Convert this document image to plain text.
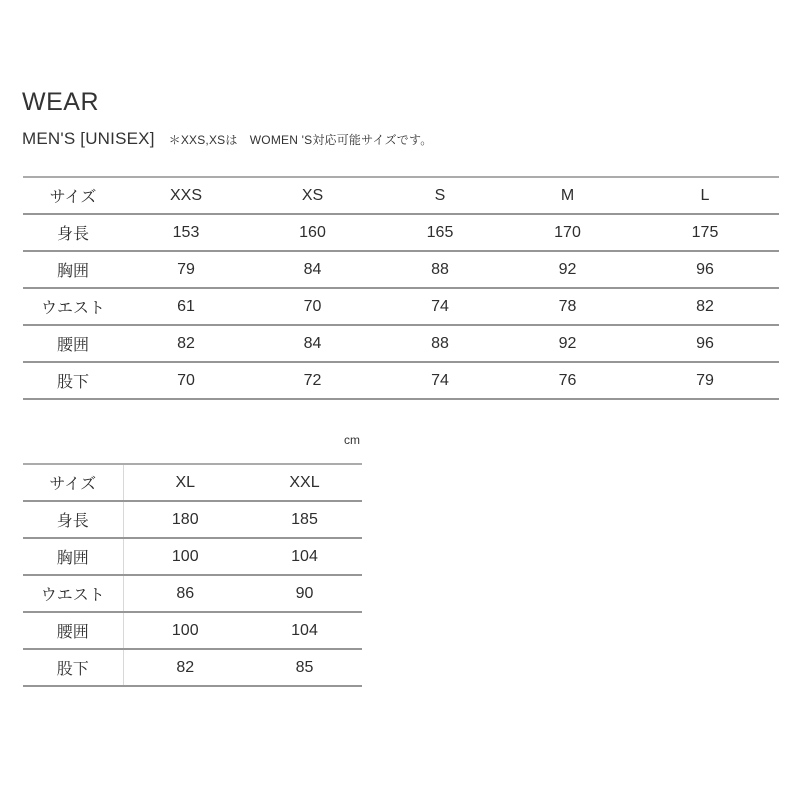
WEAR
MEN'S [UNISEX] ＊XXS,XSは　WOMEN 'S対応可能サイズです。
サイズ	XXS	XS	S	M	L
身長	153	160	165	170	175
胸囲	79	84	88	92	96
ウエスト	61	70	74	78	82
腰囲	82	84	88	92	96
股下	70	72	74	76	79
cm
サイズ	XL	XXL
身長	180	185
胸囲	100	104
ウエスト	86	90
腰囲	100	104
股下	82	85
